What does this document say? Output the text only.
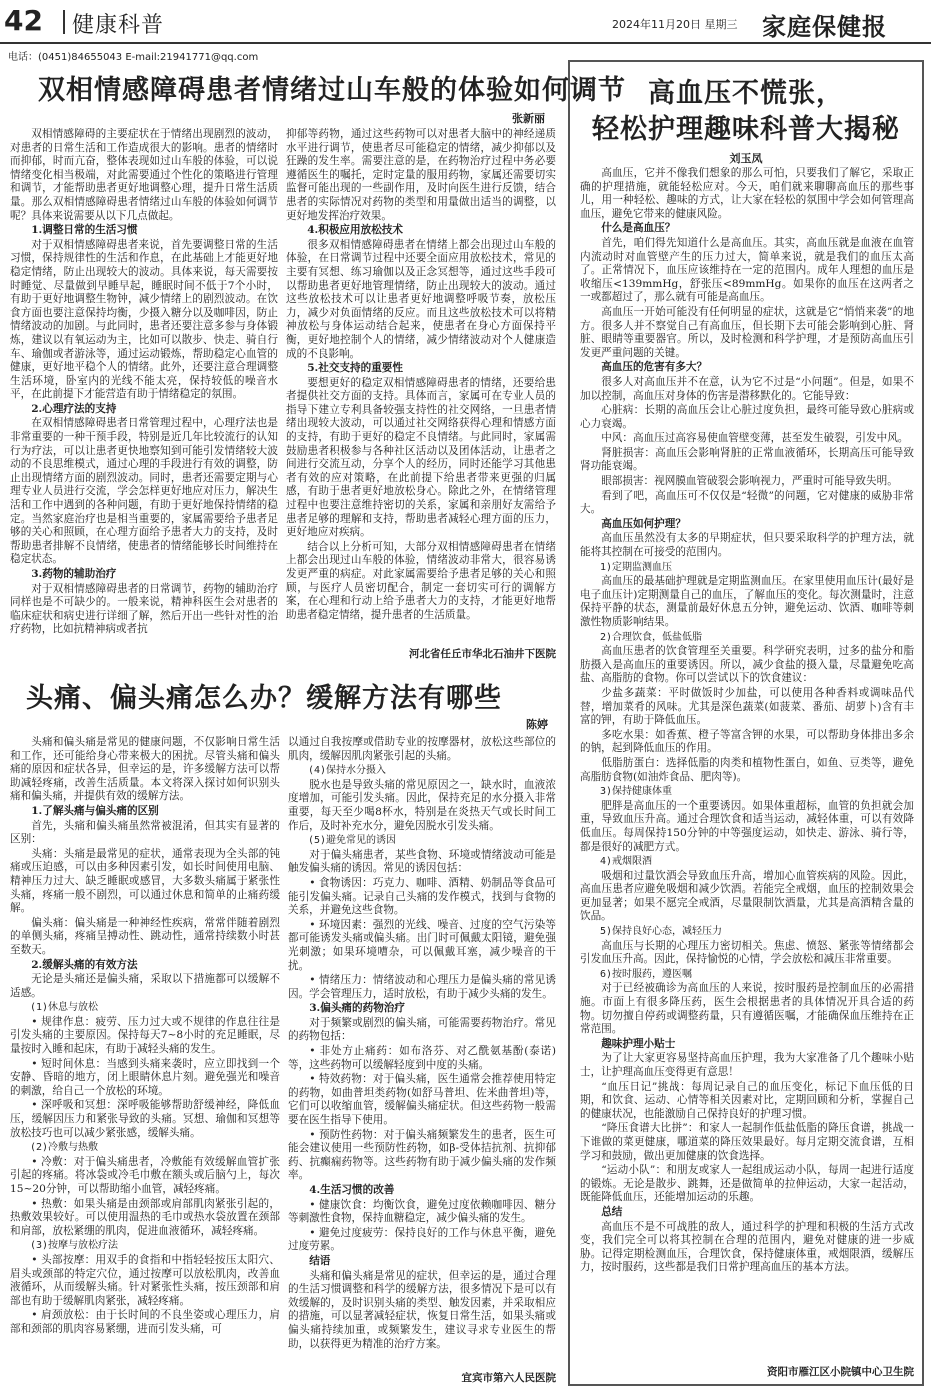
42 健康科普	2024年11月20日 星期三 家庭保健报
电话：(0451)84655043 E-mail:21941771@qq.com
双相情感障碍患者情绪过山车般的体验如何调节
张新丽

双相情感障碍的主要症状在于情绪出现剧烈的波动，对患者的日常生活和工作造成很大的影响。患者的情绪时而抑郁，时而亢奋，整体表现如过山车般的体验，可以说情绪变化相当极端，对此需要通过个性化的策略进行管理和调节，才能帮助患者更好地调整心理，提升日常生活质量。那么双相情感障碍患者情绪过山车般的体验如何调节呢？具体来说需要从以下几点做起。

1.调整日常的生活习惯

对于双相情感障碍患者来说，首先要调整日常的生活习惯，保持规律性的生活和作息，在此基础上才能更好地稳定情绪，防止出现较大的波动。具体来说，每天需要按时睡觉、尽量做到早睡早起，睡眠时间不低于7个小时，有助于更好地调整生物钟，减少情绪上的剧烈波动。在饮食方面也要注意保持均衡，少摄入糖分以及咖啡因，防止情绪波动的加剧。与此同时，患者还要注意多参与身体锻炼，建议以有氧运动为主，比如可以散步、快走、骑自行车、瑜伽或者游泳等，通过运动锻炼，帮助稳定心血管的健康，更好地平稳个人的情绪。此外，还要注意合理调整生活环境，卧室内的光线不能太亮，保持较低的噪音水平，在此前提下才能营造有助于情绪稳定的氛围。

2.心理疗法的支持

在双相情感障碍患者日常管理过程中，心理疗法也是非常重要的一种干预手段，特别是近几年比较流行的认知行为疗法，可以让患者更快地察知到可能引发情绪较大波动的不良思维模式，通过心理的手段进行有效的调整，防止出现情绪方面的剧烈波动。同时，患者还需要定期与心理专业人员进行交流，学会怎样更好地应对压力，解决生活和工作中遇到的各种问题，有助于更好地保持情绪的稳定。当然家庭治疗也是相当重要的，家属需要给予患者足够的关心和照顾，在心理方面给予患者大力的支持，及时帮助患者排解不良情绪，使患者的情绪能够长时间维持在稳定状态。

3.药物的辅助治疗

对于双相情感障碍患者的日常调节，药物的辅助治疗同样也是不可缺少的。一般来说，精神科医生会对患者的临床症状和病史进行详细了解，然后开出一些针对性的治疗药物，比如抗精神病或者抗

抑郁等药物，通过这些药物可以对患者大脑中的神经递质水平进行调节，使患者尽可能稳定的情绪，减少抑郁以及狂躁的发生率。需要注意的是，在药物治疗过程中务必要遵循医生的嘱托，定时定量的服用药物，家属还需要切实监督可能出现的一些副作用，及时向医生进行反馈，结合患者的实际情况对药物的类型和用量做出适当的调整，以更好地发挥治疗效果。

4.积极应用放松技术

很多双相情感障碍患者在情绪上都会出现过山车般的体验，在日常调节过程中还要全面应用放松技术，常见的主要有冥想、练习瑜伽以及正念冥想等，通过这些手段可以帮助患者更好地管理情绪，防止出现较大的波动。通过这些放松技术可以让患者更好地调整呼吸节奏，放松压力，减少对负面情绪的反应。而且这些放松技术可以将精神放松与身体运动结合起来，使患者在身心方面保持平衡，更好地控制个人的情绪，减少情绪波动对个人健康造成的不良影响。

5.社交支持的重要性

要想更好的稳定双相情感障碍患者的情绪，还要给患者提供社交方面的支持。具体而言，家属可在专业人员的指导下建立专利具备较强支持性的社交网络，一旦患者情绪出现较大波动，可以通过社交网络获得心理和情感方面的支持，有助于更好的稳定不良情绪。与此同时，家属需鼓励患者积极参与各种社区活动以及团体活动，让患者之间进行交流互动，分享个人的经历，同时还能学习其他患者有效的应对策略，在此前提下给患者带来更强的归属感，有助于患者更好地放松身心。除此之外，在情绪管理过程中也要注意维持密切的关系，家属和亲朋好友需给予患者足够的理解和支持，帮助患者减轻心理方面的压力，更好地应对疾病。

结合以上分析可知，大部分双相情感障碍患者在情绪上都会出现过山车般的体验，情绪波动非常大，很容易诱发更严重的病症。对此家属需要给予患者足够的关心和照顾，与医疗人员密切配合，制定一套切实可行的调解方案，在心理和行动上给予患者大力的支持，才能更好地帮助患者稳定情绪，提升患者的生活质量。

河北省任丘市华北石油井下医院
头痛、偏头痛怎么办？缓解方法有哪些
陈婷

头痛和偏头痛是常见的健康问题，不仅影响日常生活和工作，还可能给身心带来极大的困扰。尽管头痛和偏头痛的原因和症状各异，但幸运的是，许多缓解方法可以帮助减轻疼痛，改善生活质量。本文将深入探讨如何识别头痛和偏头痛，并提供有效的缓解方法。

1.了解头痛与偏头痛的区别

首先，头痛和偏头痛虽然常被混淆，但其实有显著的区别：

头痛：头痛是最常见的症状，通常表现为全头部的钝痛或压迫感，可以由多种因素引发，如长时间使用电脑、精神压力过大、缺乏睡眠或感冒，大多数头痛属于紧张性头痛，疼痛一般不剧烈，可以通过休息和简单的止痛药缓解。

偏头痛：偏头痛是一种神经性疾病，常常伴随着剧烈的单侧头痛，疼痛呈搏动性、跳动性，通常持续数小时甚至数天。

2.缓解头痛的有效方法

无论是头痛还是偏头痛，采取以下措施都可以缓解不适感。

(1)休息与放松

• 规律作息：疲劳、压力过大或不规律的作息往往是引发头痛的主要原因。保持每天7~8小时的充足睡眠，尽量按时入睡和起床，有助于减轻头痛的发生。

• 短时间休息：当感到头痛来袭时，应立即找到一个安静、昏暗的地方，闭上眼睛休息片刻。避免强光和噪音的刺激，给自己一个放松的环境。

• 深呼吸和冥想：深呼吸能够帮助舒缓神经，降低血压，缓解因压力和紧张导致的头痛。冥想、瑜伽和冥想等放松技巧也可以减少紧张感，缓解头痛。

(2)冷敷与热敷

• 冷敷：对于偏头痛患者，冷敷能有效缓解血管扩张引起的疼痛。将冰袋或冷毛巾敷在额头或后脑勺上，每次15~20分钟，可以帮助缩小血管，减轻疼痛。

• 热敷：如果头痛是由颈部或肩部肌肉紧张引起的，热敷效果较好。可以使用温热的毛巾或热水袋放置在颈部和肩部，放松紧绷的肌肉，促进血液循环，减轻疼痛。

(3)按摩与放松疗法

• 头部按摩：用双手的食指和中指轻轻按压太阳穴、眉头或颈部的特定穴位，通过按摩可以放松肌肉，改善血液循环，从而缓解头痛。针对紧张性头痛，按压颈部和肩部也有助于缓解肌肉紧张，减轻疼痛。

• 肩颈放松：由于长时间的不良坐姿或心理压力，肩部和颈部的肌肉容易紧绷，进而引发头痛，可

以通过自我按摩或借助专业的按摩器材，放松这些部位的肌肉，缓解因肌肉紧张引起的头痛。

(4)保持水分摄入

脱水也是导致头痛的常见原因之一，缺水时，血液浓度增加，可能引发头痛。因此，保持充足的水分摄入非常重要，每天至少喝8杯水，特别是在炎热天气或长时间工作后，及时补充水分，避免因脱水引发头痛。

(5)避免常见的诱因

对于偏头痛患者，某些食物、环境或情绪波动可能是触发偏头痛的诱因。常见的诱因包括：

• 食物诱因：巧克力、咖啡、酒精、奶制品等食品可能引发偏头痛。记录自己头痛的发作模式，找到与食物的关系，并避免这些食物。

• 环境因素：强烈的光线、噪音、过度的空气污染等都可能诱发头痛或偏头痛。出门时可佩戴太阳镜，避免强光刺激；如果环境嘈杂，可以佩戴耳塞，减少噪音的干扰。

• 情绪压力：情绪波动和心理压力是偏头痛的常见诱因。学会管理压力，适时放松，有助于减少头痛的发生。

3.偏头痛的药物治疗

对于频繁或剧烈的偏头痛，可能需要药物治疗。常见的药物包括：

• 非处方止痛药：如布洛芬、对乙酰氨基酚(泰诺)等，这些药物可以缓解轻度到中度的头痛。

• 特效药物：对于偏头痛，医生通常会推荐使用特定的药物，如曲普坦类药物(如舒马普坦、佐米曲普坦)等，它们可以收缩血管，缓解偏头痛症状。但这些药物一般需要在医生指导下使用。

• 预防性药物：对于偏头痛频繁发生的患者，医生可能会建议使用一些预防性药物，如β-受体拮抗剂、抗抑郁药、抗癫痫药物等。这些药物有助于减少偏头痛的发作频率。

4.生活习惯的改善

• 健康饮食：均衡饮食，避免过度依赖咖啡因、糖分等刺激性食物，保持血糖稳定，减少偏头痛的发生。

• 避免过度疲劳：保持良好的工作与休息平衡，避免过度劳累。

结语

头痛和偏头痛是常见的症状，但幸运的是，通过合理的生活习惯调整和科学的缓解方法，很多情况下是可以有效缓解的，及时识别头痛的类型、触发因素，并采取相应的措施，可以显著减轻症状，恢复日常生活，如果头痛或偏头痛持续加重，或频繁发生，建议寻求专业医生的帮助，以获得更为精准的治疗方案。

宜宾市第六人民医院
高血压不慌张，
轻松护理趣味科普大揭秘
刘玉凤

高血压，它并不像我们想象的那么可怕，只要我们了解它，采取正确的护理措施，就能轻松应对。今天，咱们就来聊聊高血压的那些事儿，用一种轻松、趣味的方式，让大家在轻松的氛围中学会如何管理高血压，避免它带来的健康风险。

什么是高血压？

首先，咱们得先知道什么是高血压。其实，高血压就是血液在血管内流动时对血管壁产生的压力过大，简单来说，就是我们的血压太高了。正常情况下，血压应该维持在一定的范围内。成年人理想的血压是收缩压<139mmHg，舒张压<89mmHg。如果你的血压在这两者之一或都超过了，那么就有可能是高血压。

高血压一开始可能没有任何明显的症状，这就是它“悄悄来袭”的地方。很多人并不察觉自己有高血压，但长期下去可能会影响到心脏、肾脏、眼睛等重要器官。所以，及时检测和科学护理，才是预防高血压引发更严重问题的关键。

高血压的危害有多大？

很多人对高血压并不在意，认为它不过是“小问题”。但是，如果不加以控制，高血压对身体的伤害是潜移默化的。它能导致：

心脏病：长期的高血压会让心脏过度负担，最终可能导致心脏病或心力衰竭。

中风：高血压过高容易使血管壁变薄，甚至发生破裂，引发中风。

肾脏损害：高血压会影响肾脏的正常血液循环，长期高压可能导致肾功能衰竭。

眼部损害：视网膜血管破裂会影响视力，严重时可能导致失明。

看到了吧，高血压可不仅仅是“轻微”的问题，它对健康的威胁非常大。

高血压如何护理？

高血压虽然没有太多的早期症状，但只要采取科学的护理方法，就能将其控制在可接受的范围内。

1)定期监测血压

高血压的最基础护理就是定期监测血压。在家里使用血压计(最好是电子血压计)定期测量自己的血压，了解血压的变化。每次测量时，注意保持平静的状态，测量前最好休息五分钟，避免运动、饮酒、咖啡等刺激性物质影响结果。

2)合理饮食，低盐低脂

高血压患者的饮食管理至关重要。科学研究表明，过多的盐分和脂肪摄入是高血压的重要诱因。所以，减少食盐的摄入量，尽量避免吃高盐、高脂肪的食物。你可以尝试以下的饮食建议：

少盐多蔬菜：平时做饭时少加盐，可以使用各种香料或调味品代替，增加菜肴的风味。尤其是深色蔬菜(如菠菜、番茄、胡萝卜)含有丰富的钾，有助于降低血压。

多吃水果：如香蕉、橙子等富含钾的水果，可以帮助身体排出多余的钠，起到降低血压的作用。

低脂肪蛋白：选择低脂的肉类和植物性蛋白，如鱼、豆类等，避免高脂肪食物(如油炸食品、肥肉等)。

3)保持健康体重

肥胖是高血压的一个重要诱因。如果体重超标，血管的负担就会加重，导致血压升高。通过合理饮食和适当运动，减轻体重，可以有效降低血压。每周保持150分钟的中等强度运动，如快走、游泳、骑行等，都是很好的减肥方式。

4)戒烟限酒

吸烟和过量饮酒会导致血压升高，增加心血管疾病的风险。因此，高血压患者应避免吸烟和减少饮酒。若能完全戒烟，血压的控制效果会更加显著；如果不愿完全戒酒，尽量限制饮酒量，尤其是高酒精含量的饮品。

5)保持良好心态，减轻压力

高血压与长期的心理压力密切相关。焦虑、愤怒、紧张等情绪都会引发血压升高。因此，保持愉悦的心情，学会放松和减压非常重要。

6)按时服药，遵医嘱

对于已经被确诊为高血压的人来说，按时服药是控制血压的必需措施。市面上有很多降压药，医生会根据患者的具体情况开具合适的药物。切勿擅自停药或调整药量，只有遵循医嘱，才能确保血压维持在正常范围。

趣味护理小贴士

为了让大家更容易坚持高血压护理，我为大家准备了几个趣味小贴士，让护理高血压变得更有意思！

“血压日记”挑战：每周记录自己的血压变化，标记下血压低的日期，和饮食、运动、心情等相关因素对比，定期回顾和分析，掌握自己的健康状况，也能激励自己保持良好的护理习惯。

“降压食谱大比拼”：和家人一起制作低盐低脂的降压食谱，挑战一下谁做的菜更健康，哪道菜的降压效果最好。每月定期交流食谱，互相学习和鼓励，做出更加健康的饮食选择。

“运动小队”：和朋友或家人一起组成运动小队，每周一起进行适度的锻炼。无论是散步、跳舞，还是做简单的拉伸运动，大家一起活动，既能降低血压，还能增加运动的乐趣。

总结

高血压不是不可战胜的敌人，通过科学的护理和积极的生活方式改变，我们完全可以将其控制在合理的范围内，避免对健康的进一步威胁。记得定期检测血压，合理饮食，保持健康体重，戒烟限酒，缓解压力，按时服药，这些都是我们日常护理高血压的基本方法。

资阳市雁江区小院镇中心卫生院
